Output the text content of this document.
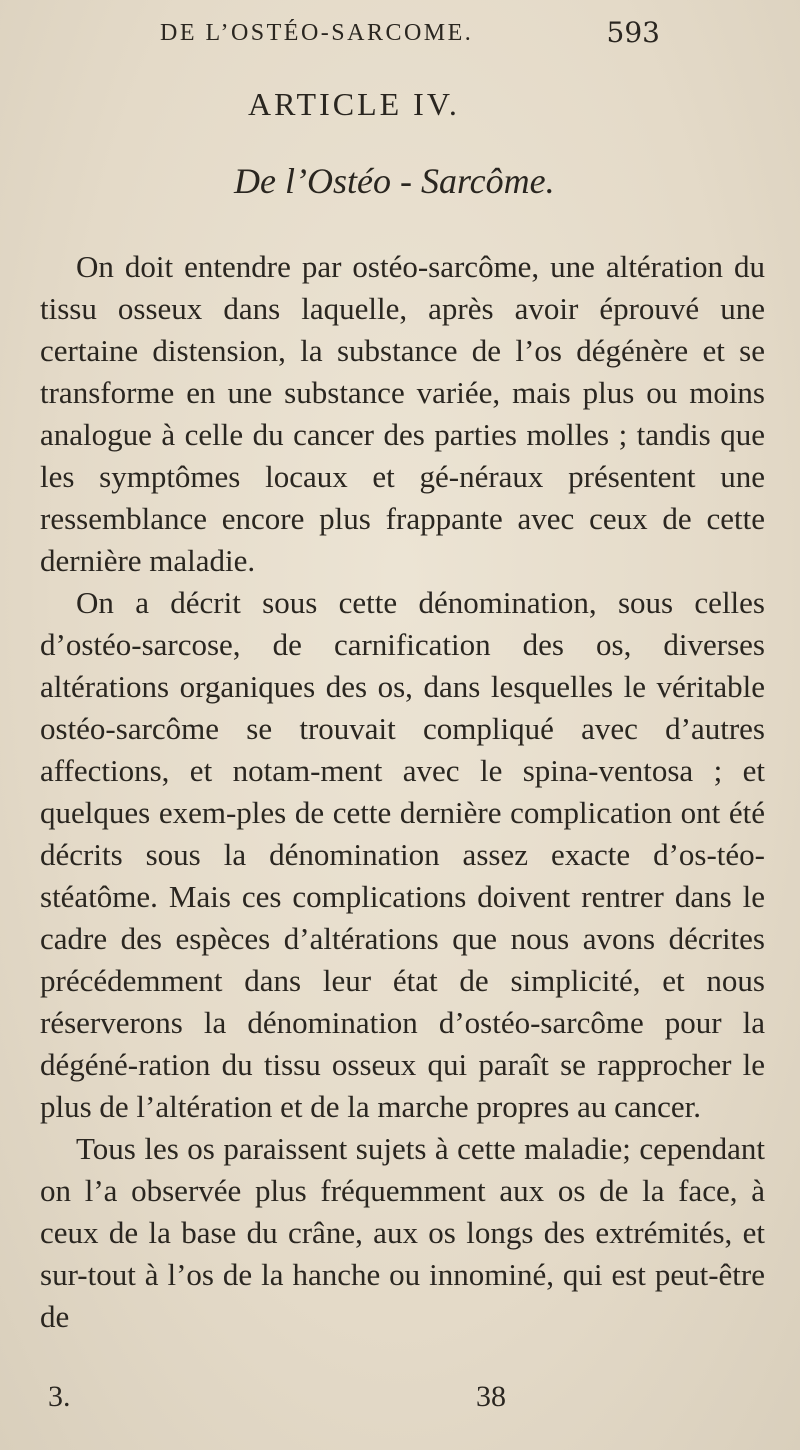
DE L’OSTÉO-SARCOME.	593
ARTICLE IV.
De l’Ostéo - Sarcôme.

On doit entendre par ostéo-sarcôme, une altération du tissu osseux dans laquelle, après avoir éprouvé une certaine distension, la substance de l’os dégénère et se transforme en une substance variée, mais plus ou moins analogue à celle du cancer des parties molles ; tandis que les symptômes locaux et gé-néraux présentent une ressemblance encore plus frappante avec ceux de cette dernière maladie.

On a décrit sous cette dénomination, sous celles d’ostéo-sarcose, de carnification des os, diverses altérations organiques des os, dans lesquelles le véritable ostéo-sarcôme se trouvait compliqué avec d’autres affections, et notam-ment avec le spina-ventosa ; et quelques exem-ples de cette dernière complication ont été décrits sous la dénomination assez exacte d’os-téo-stéatôme. Mais ces complications doivent rentrer dans le cadre des espèces d’altérations que nous avons décrites précédemment dans leur état de simplicité, et nous réserverons la dénomination d’ostéo-sarcôme pour la dégéné-ration du tissu osseux qui paraît se rapprocher le plus de l’altération et de la marche propres au cancer.

Tous les os paraissent sujets à cette maladie; cependant on l’a observée plus fréquemment aux os de la face, à ceux de la base du crâne, aux os longs des extrémités, et sur-tout à l’os de la hanche ou innominé, qui est peut-être de

3.	38
